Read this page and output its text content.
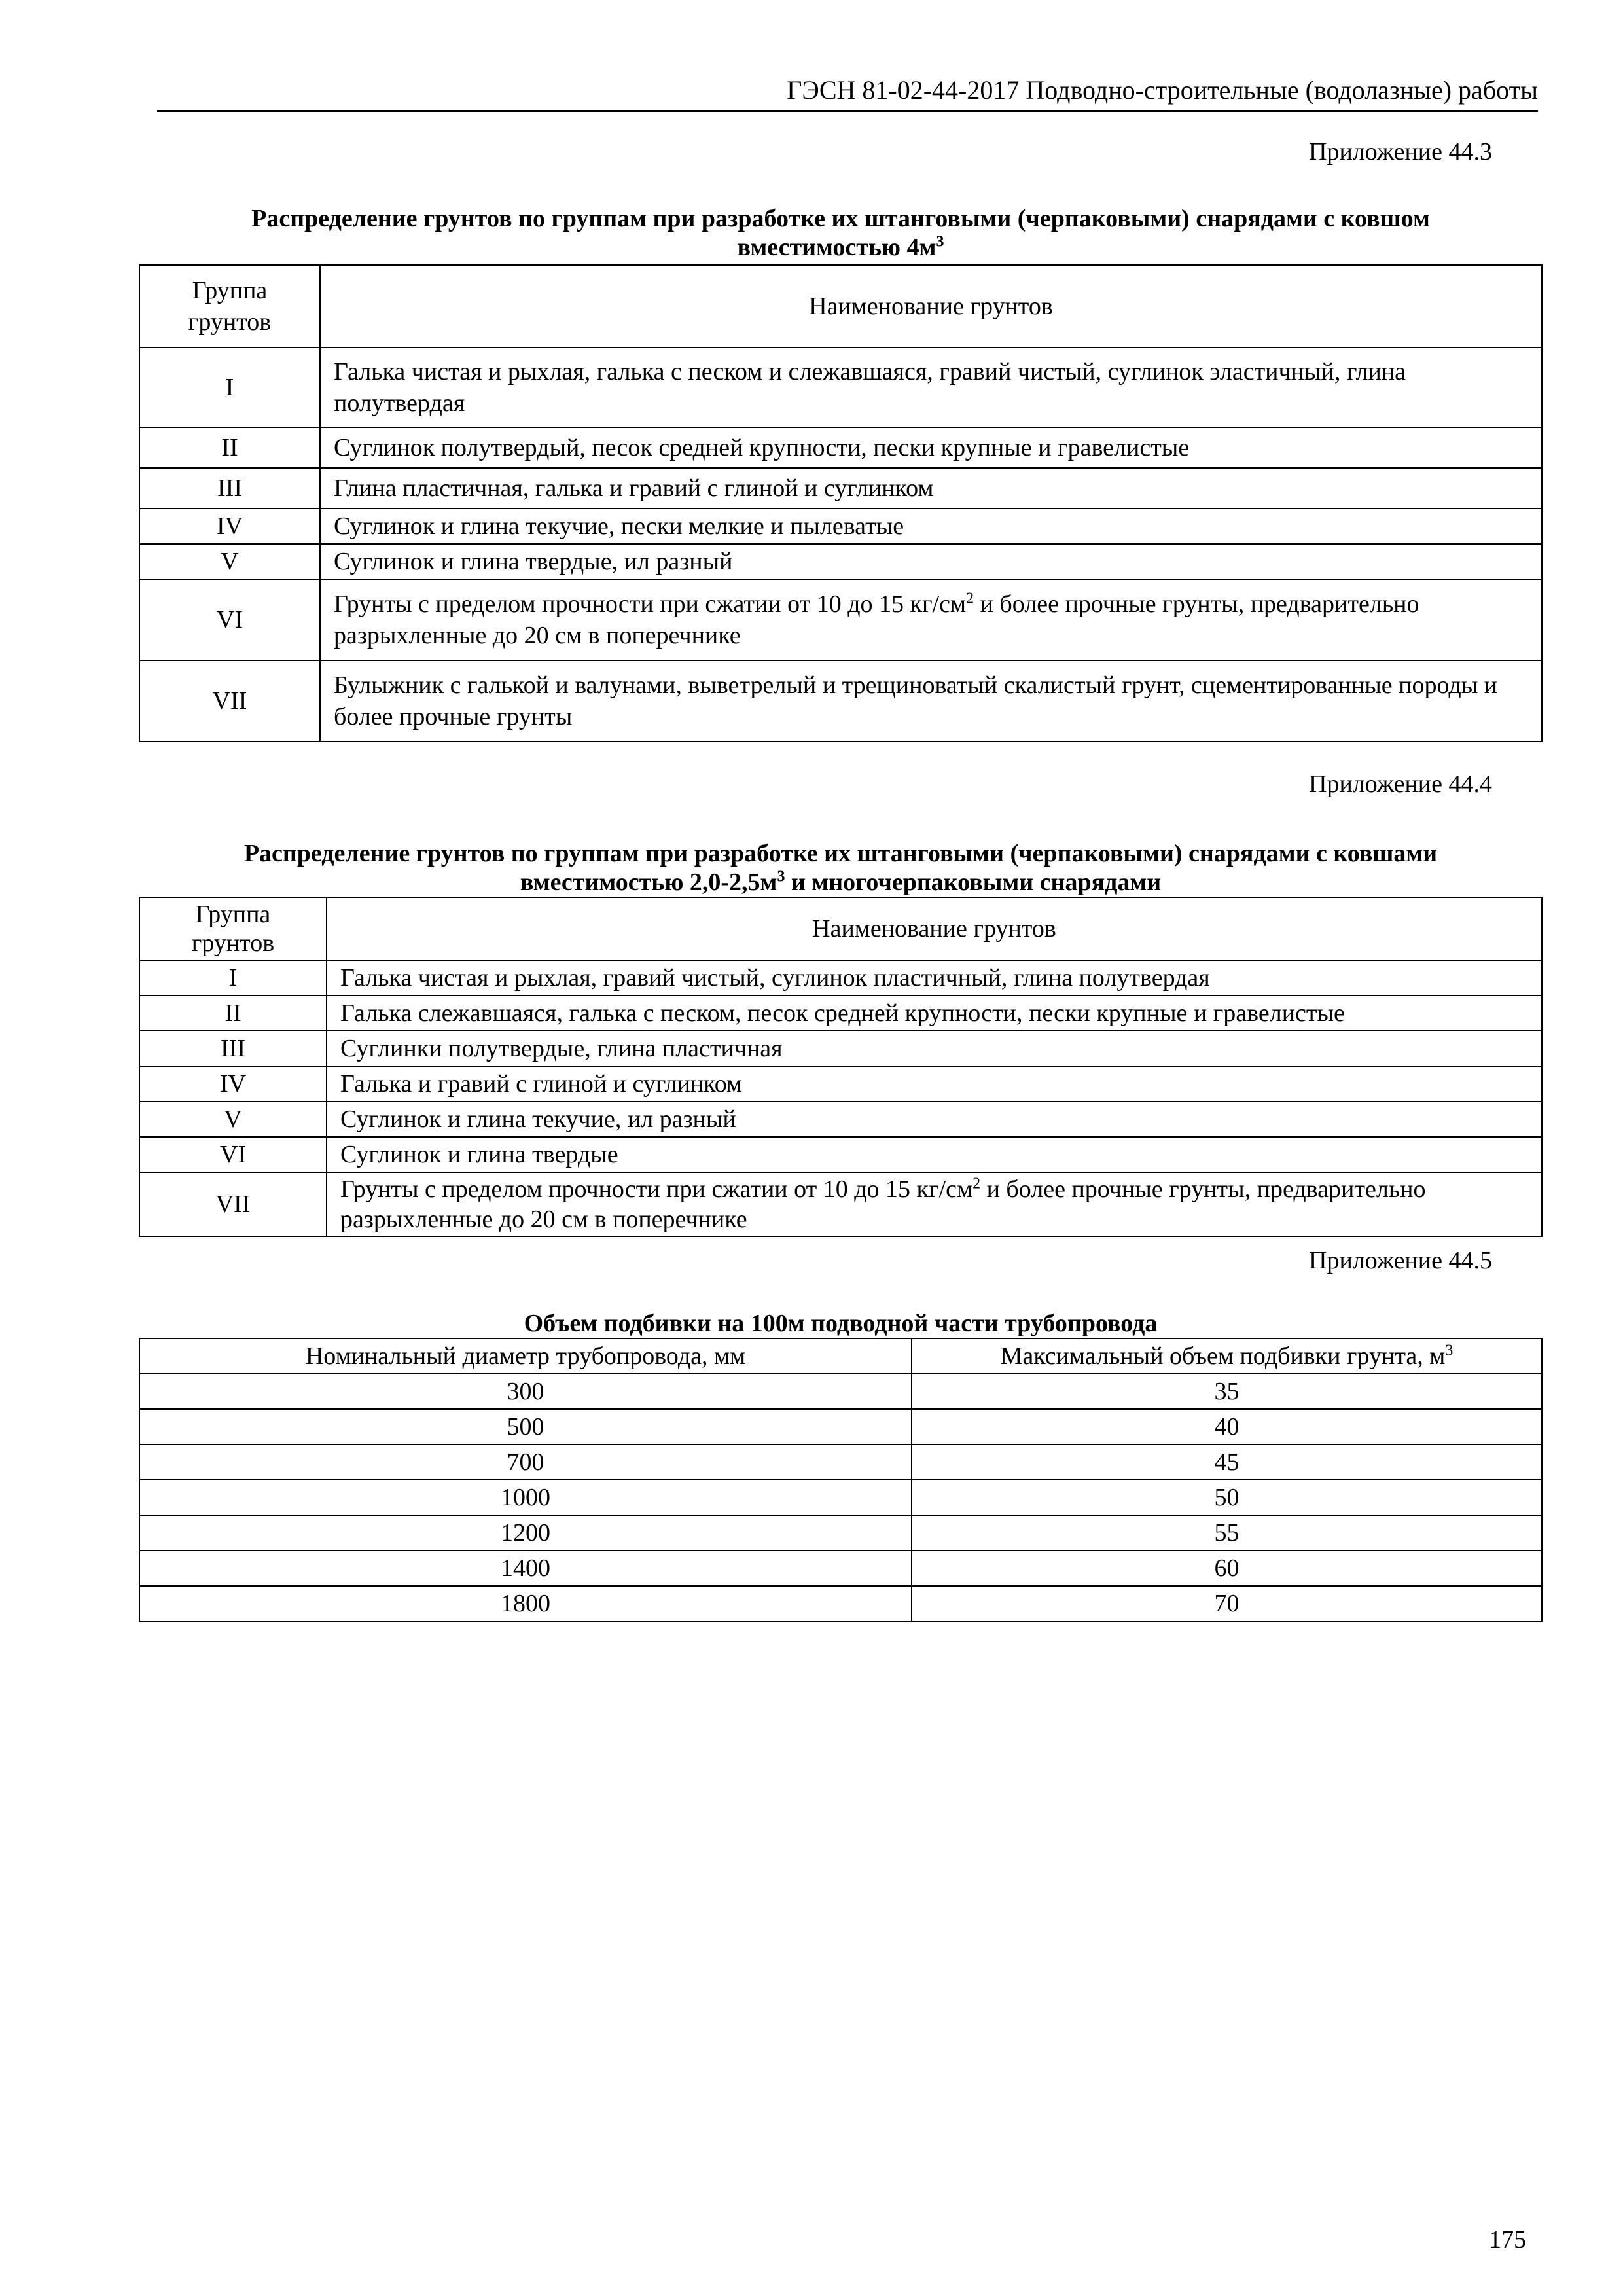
ГЭСН 81-02-44-2017 Подводно-строительные (водолазные) работы
Приложение 44.3
Распределение грунтов по группам при разработке их штанговыми (черпаковыми) снарядами с ковшом
вместимостью $4м^3$
Группа
грунтов	Наименование грунтов
I	Галька чистая и рыхлая, галька с песком и слежавшаяся, гравий чистый, суглинок эластичный, глина полутвердая
II	Суглинок полутвердый, песок средней крупности, пески крупные и гравелистые
III	Глина пластичная, галька и гравий с глиной и суглинком
IV	Суглинок и глина текучие, пески мелкие и пылеватые
V	Суглинок и глина твердые, ил разный
VI	Грунты с пределом прочности при сжатии от 10 до 15 $кг/см^2$ и более прочные грунты, предварительно разрыхленные до 20 см в поперечнике
VII	Булыжник с галькой и валунами, выветрелый и трещиноватый скалистый грунт, сцементированные породы и более прочные грунты
Приложение 44.4
Распределение грунтов по группам при разработке их штанговыми (черпаковыми) снарядами с ковшами
вместимостью $2,0-2,5м^3$ и многочерпаковыми снарядами
Группа
грунтов	Наименование грунтов
I	Галька чистая и рыхлая, гравий чистый, суглинок пластичный, глина полутвердая
II	Галька слежавшаяся, галька с песком, песок средней крупности, пески крупные и гравелистые
III	Суглинки полутвердые, глина пластичная
IV	Галька и гравий с глиной и суглинком
V	Суглинок и глина текучие, ил разный
VI	Суглинок и глина твердые
VII	Грунты с пределом прочности при сжатии от 10 до 15 $кг/см^2$ и более прочные грунты, предварительно разрыхленные до 20 см в поперечнике
Приложение 44.5
Объем подбивки на 100м подводной части трубопровода
Номинальный диаметр трубопровода, мм	Максимальный объем подбивки грунта, $м^3$
300	35
500	40
700	45
1000	50
1200	55
1400	60
1800	70
175
